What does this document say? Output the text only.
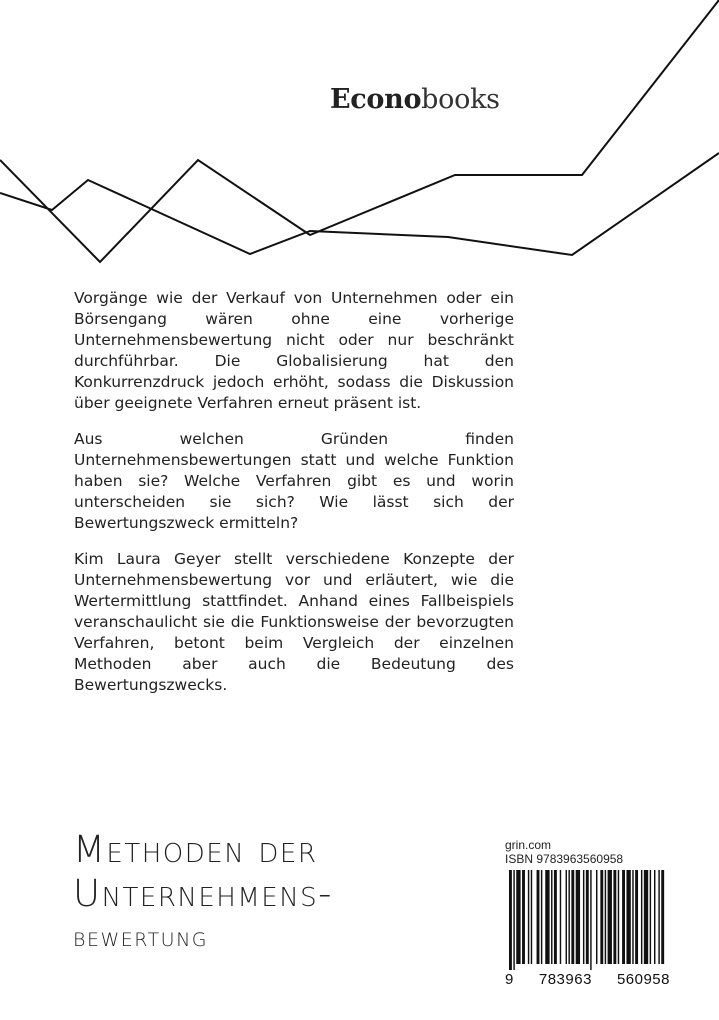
Econobooks

Vorgänge wie der Verkauf von Unternehmen oder ein Börsengang wären ohne eine vorherige Unternehmensbewertung nicht oder nur beschränkt durchführbar. Die Globalisierung hat den Konkurrenzdruck jedoch erhöht, sodass die Diskussion über geeignete Verfahren erneut präsent ist.

Aus welchen Gründen finden Unternehmensbewertungen statt und welche Funktion haben sie? Welche Verfahren gibt es und worin unterscheiden sie sich? Wie lässt sich der Bewertungszweck ermitteln?

Kim Laura Geyer stellt verschiedene Konzepte der Unternehmensbewertung vor und erläutert, wie die Wertermittlung stattfindet. Anhand eines Fallbeispiels veranschaulicht sie die Funktionsweise der bevorzugten Verfahren, betont beim Vergleich der einzelnen Methoden aber auch die Bedeutung des Bewertungszwecks.

Methoden der
Unternehmens-
bewertung
grin.com
ISBN 9783963560958
9 783963 560958
